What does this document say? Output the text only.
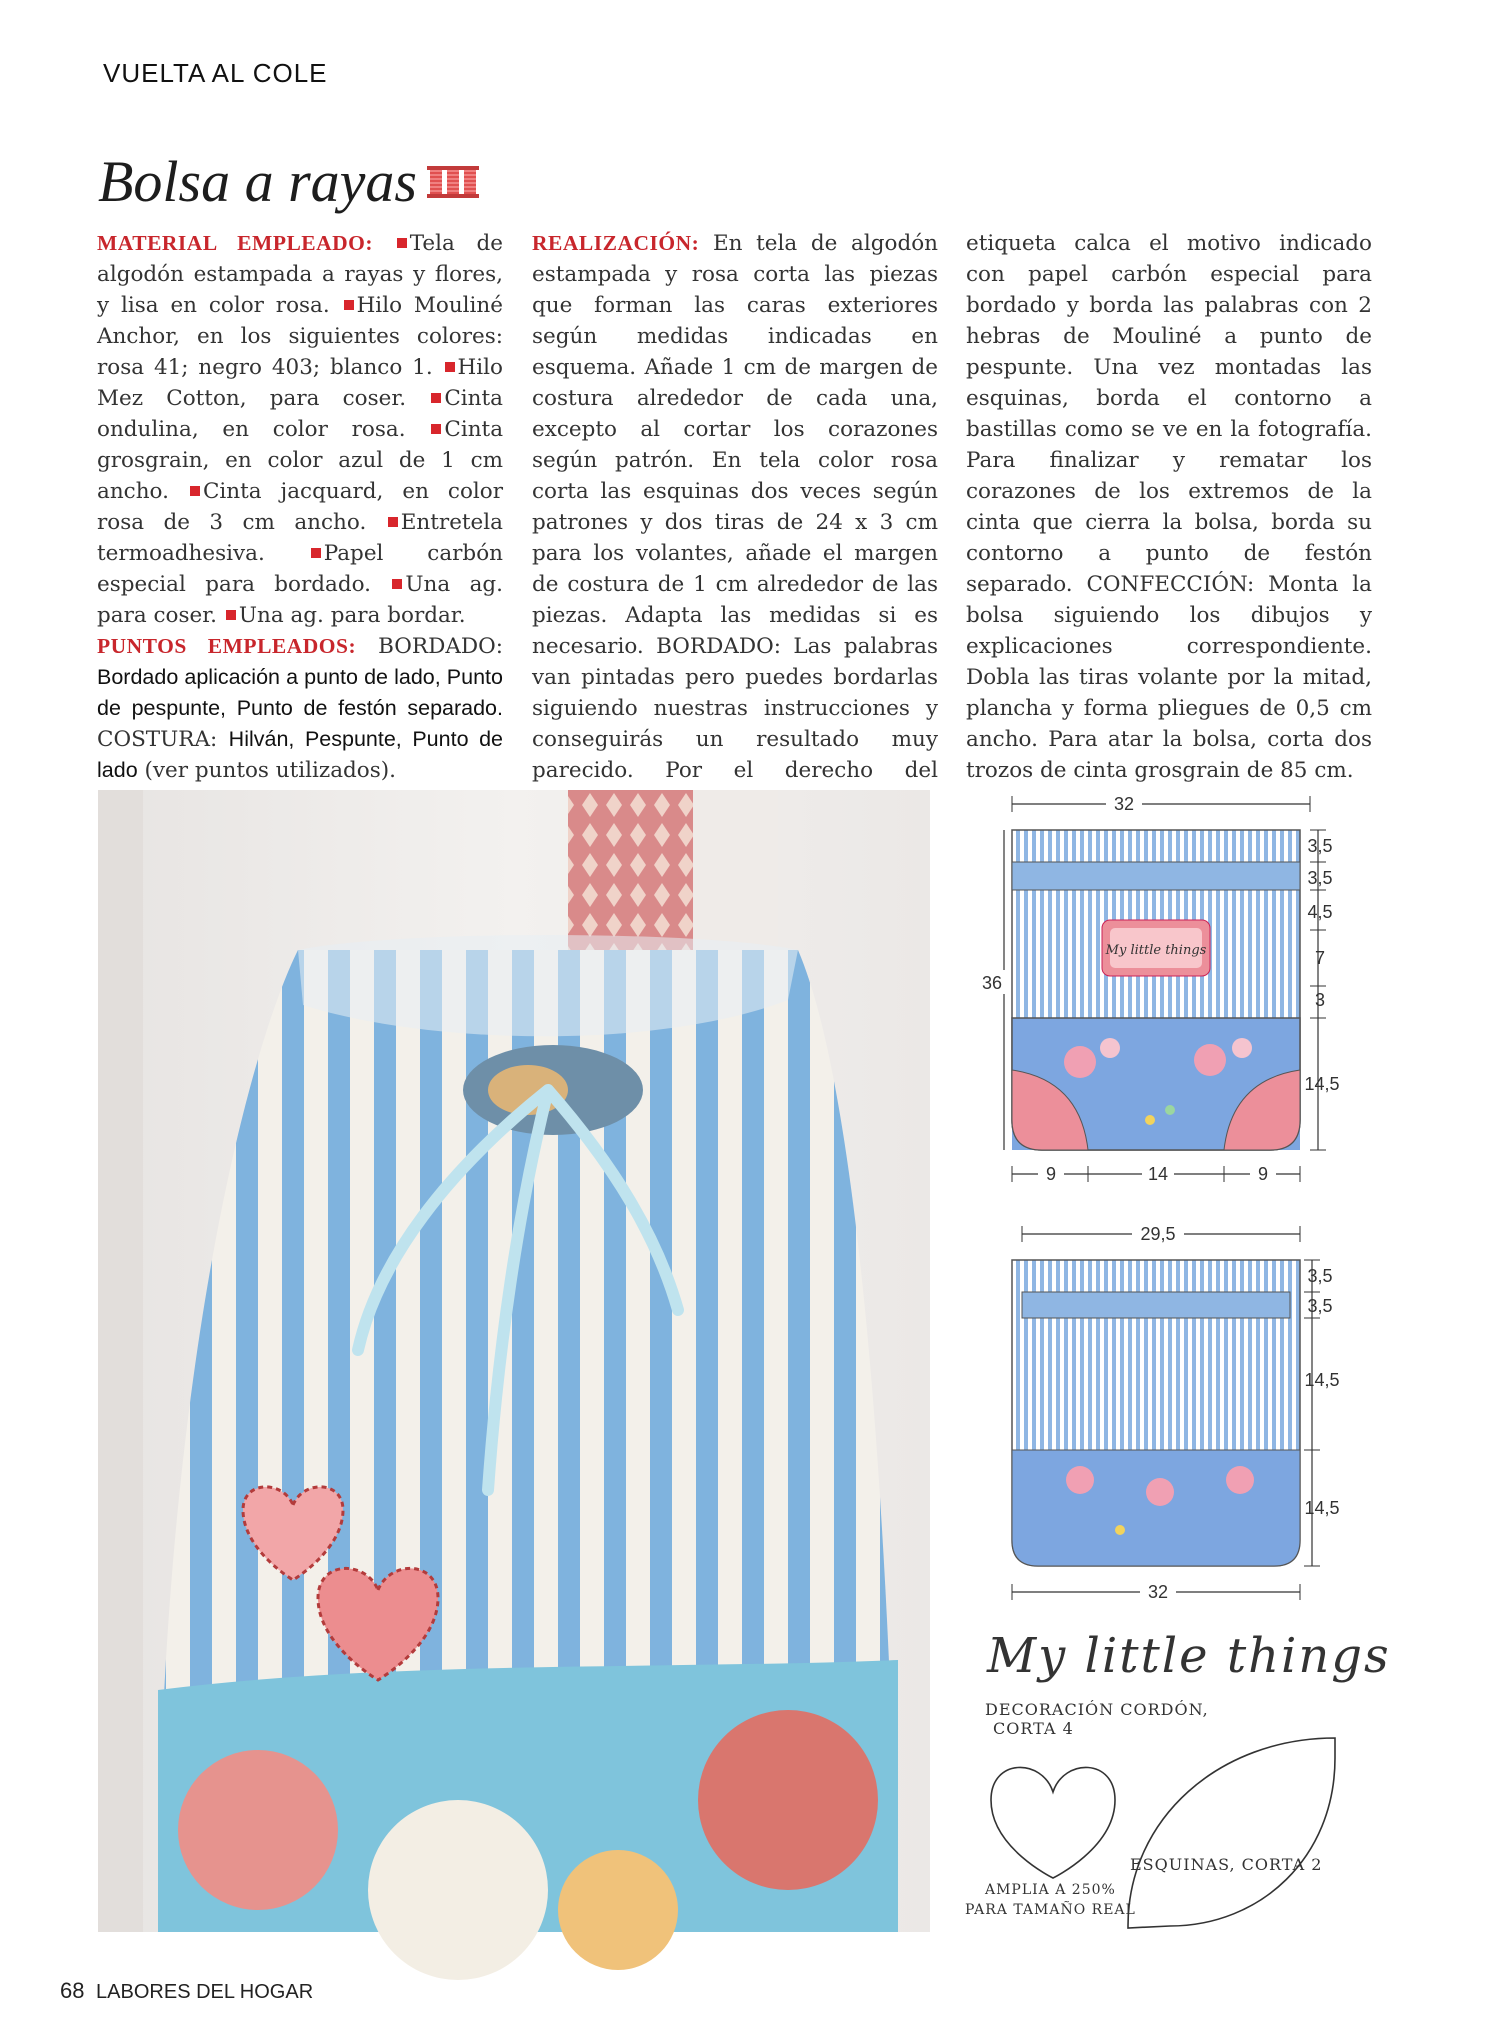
VUELTA AL COLE
Bolsa a rayas
MATERIAL EMPLEADO: Tela de algodón estampada a rayas y flores, y lisa en color rosa. Hilo Mouliné Anchor, en los siguientes colores: rosa 41; negro 403; blanco 1. Hilo Mez Cotton, para coser. Cinta ondulina, en color rosa. Cinta grosgrain, en color azul de 1 cm ancho. Cinta jacquard, en color rosa de 3 cm ancho. Entretela termoadhesiva.	Papel carbón especial para bordado. Una ag. para coser. Una ag. para bordar.
PUNTOS EMPLEADOS: BORDADO: Bordado aplicación a punto de lado, Punto de pespunte, Punto de festón separado. COSTURA: Hilván, Pespunte, Punto de lado (ver puntos utilizados).
REALIZACIÓN: En tela de algodón estampada y rosa corta las piezas que forman las caras exteriores según medidas indicadas en esquema. Añade 1 cm de margen de costura alrededor de cada una, excepto al cortar los corazones según patrón. En tela color rosa corta las esquinas dos veces según patrones y dos tiras de 24 x 3 cm para los volantes, añade el margen de costura de 1 cm alrededor de las piezas. Adapta las medidas si es necesario. BORDADO: Las palabras van pintadas pero puedes bordarlas siguiendo nuestras instrucciones y conseguirás un resultado muy parecido. Por el derecho del
etiqueta calca el motivo indicado con papel carbón especial para bordado y borda las palabras con 2 hebras de Mouliné a punto de pespunte. Una vez montadas las esquinas, borda el contorno a bastillas como se ve en la fotografía. Para finalizar y rematar los corazones de los extremos de la cinta que cierra la bolsa, borda su contorno a punto de festón separado. CONFECCIÓN: Monta la bolsa siguiendo los dibujos y explicaciones correspondiente. Dobla las tiras volante por la mitad, plancha y forma pliegues de 0,5 cm ancho. Para atar la bolsa, corta dos trozos de cinta grosgrain de 85 cm.
32
36
My little things
3,5
3,5
4,5
7
3
14,5
9	14	9
29,5
3,5
3,5
14,5
14,5
32
My little things
DECORACIÓN CORDÓN,
CORTA 4
ESQUINAS, CORTA 2
AMPLIA A 250%
PARA TAMAÑO REAL
68 LABORES DEL HOGAR
